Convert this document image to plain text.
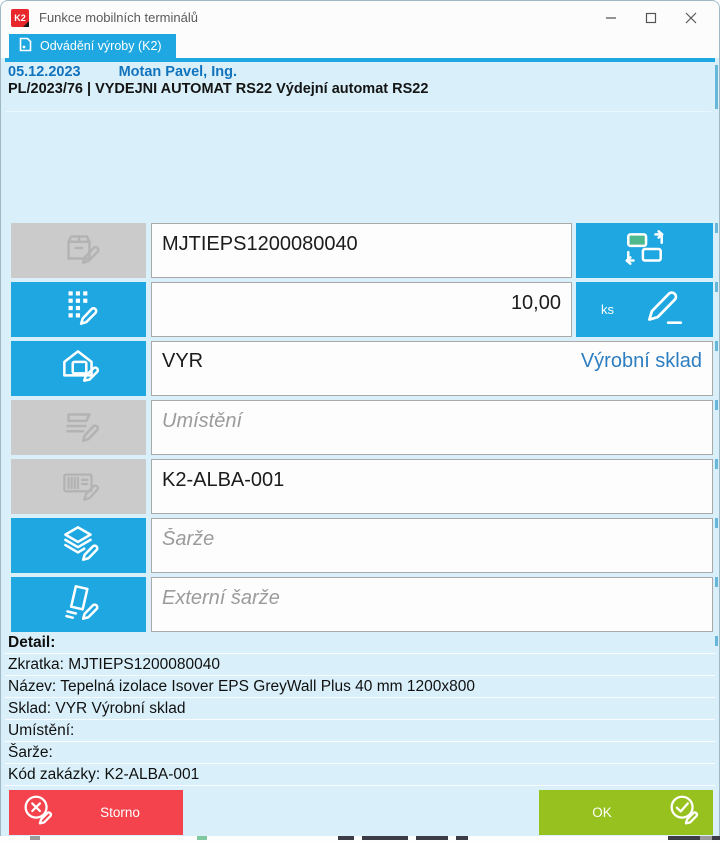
K2 Funkce mobilních terminálů
Odvádění výroby (K2)
05.12.2023	Motan Pavel, Ing.
PL/2023/76 | VYDEJNI AUTOMAT RS22 Výdejní automat RS22
MJTIEPS1200080040
10,00
ks
VYR	Výrobní sklad
Umístění
K2-ALBA-001
Šarže
Externí šarže
Detail:
Zkratka: MJTIEPS1200080040
Název: Tepelná izolace Isover EPS GreyWall Plus 40 mm 1200x800
Sklad: VYR Výrobní sklad
Umístění:
Šarže:
Kód zakázky: K2-ALBA-001
Storno	OK
